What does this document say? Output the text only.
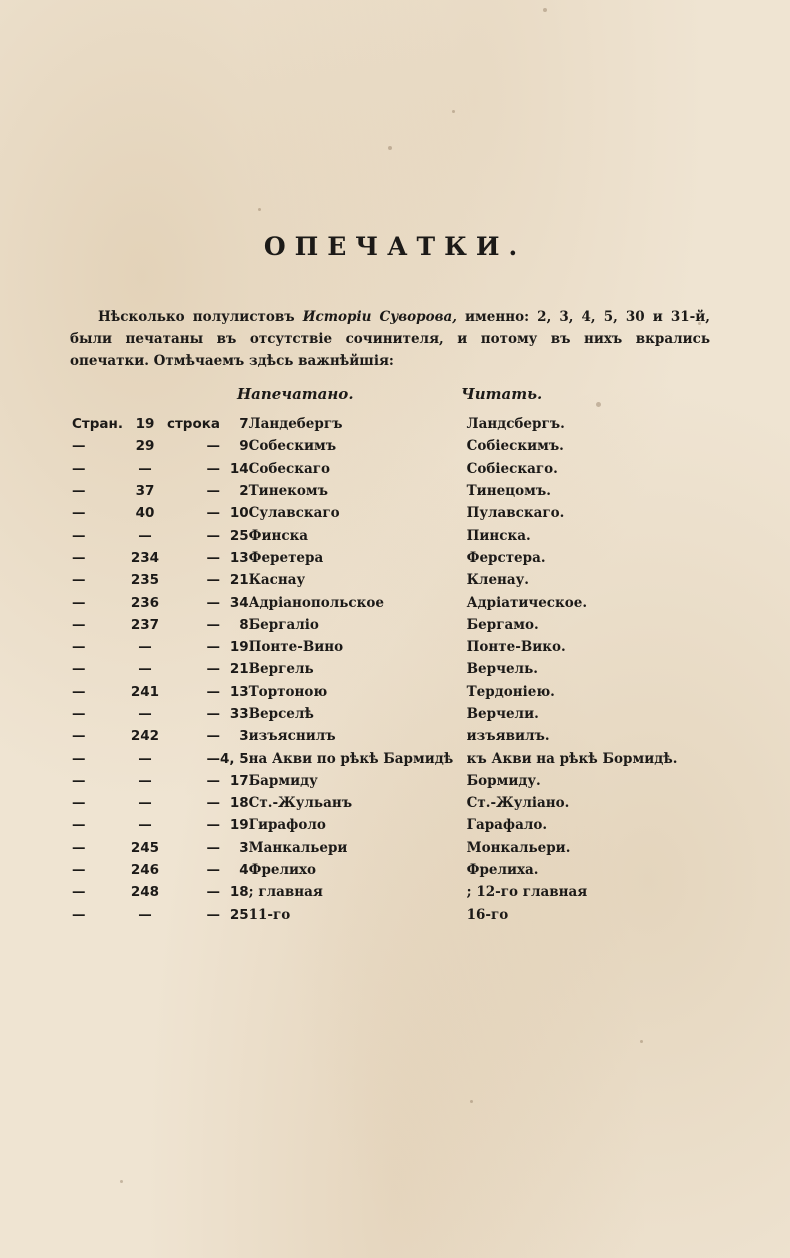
ОПЕЧАТКИ.
Нѣсколько полулистовъ Исторіи Суворова, именно: 2, 3, 4, 5, 30 и 31-й, были печатаны въ отсутствіе сочинителя, и потому въ нихъ вкрались опечатки. Отмѣчаемъ здѣсь важнѣйшія:
Напечатано.	Читать.
Стран.	19	строка	7	Ландебергъ	Ландсбергъ.
—	29	—	9	Собескимъ	Собіескимъ.
—	—	—	14	Собескаго	Собіескаго.
—	37	—	2	Тинекомъ	Тинецомъ.
—	40	—	10	Сулавскаго	Пулавскаго.
—	—	—	25	Финска	Пинска.
—	234	—	13	Феретера	Ферстера.
—	235	—	21	Каснау	Кленау.
—	236	—	34	Адріанопольское	Адріатическое.
—	237	—	8	Бергаліо	Бергамо.
—	—	—	19	Понте-Вино	Понте-Вико.
—	—	—	21	Вергель	Верчель.
—	241	—	13	Тортоною	Тердоніею.
—	—	—	33	Верселѣ	Верчели.
—	242	—	3	изъяснилъ	изъявилъ.
—	—	—	4, 5	на Акви по рѣкѣ Бармидѣ	къ Акви на рѣкѣ Бормидѣ.
—	—	—	17	Бармиду	Бормиду.
—	—	—	18	Ст.-Жульанъ	Ст.-Жуліано.
—	—	—	19	Гирафоло	Гарафало.
—	245	—	3	Манкальери	Монкальери.
—	246	—	4	Фрелихо	Фрелиха.
—	248	—	18	; главная	; 12-го главная
—	—	—	25	11-го	16-го
